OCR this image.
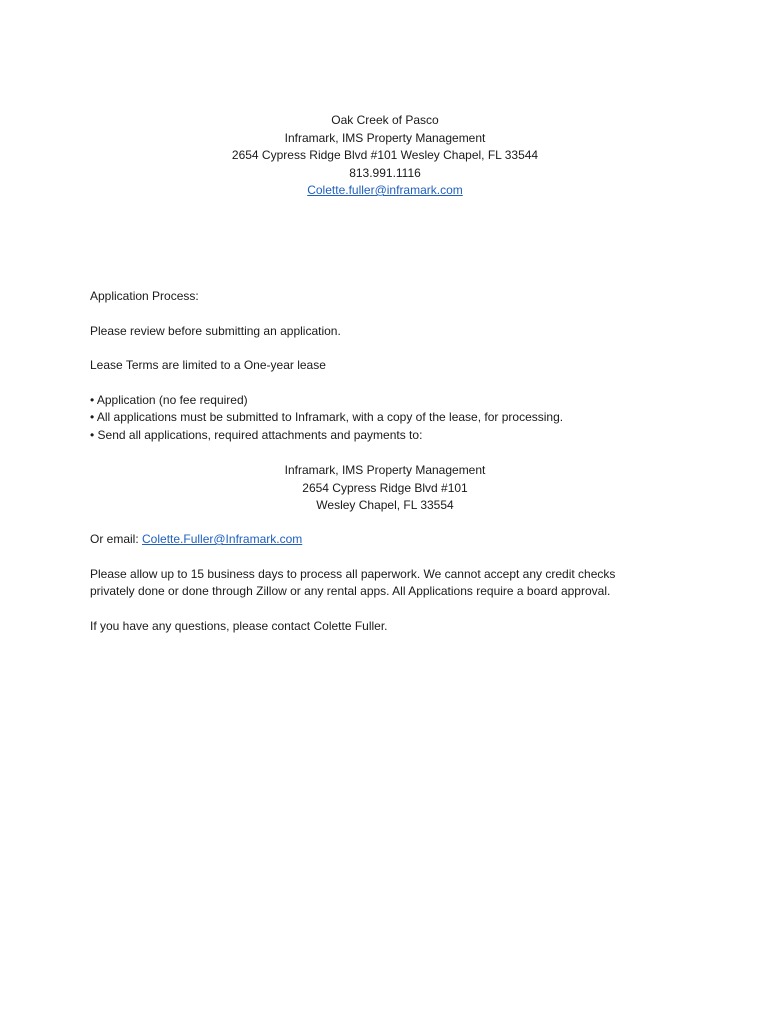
Oak Creek of Pasco
Inframark, IMS Property Management
2654 Cypress Ridge Blvd #101 Wesley Chapel, FL 33544
813.991.1116
Colette.fuller@inframark.com
Application Process:
Please review before submitting an application.
Lease Terms are limited to a One-year lease
• Application (no fee required)
• All applications must be submitted to Inframark, with a copy of the lease, for processing.
• Send all applications, required attachments and payments to:
Inframark, IMS Property Management
2654 Cypress Ridge Blvd #101
Wesley Chapel, FL 33554
Or email: Colette.Fuller@Inframark.com
Please allow up to 15 business days to process all paperwork. We cannot accept any credit checks
privately done or done through Zillow or any rental apps. All Applications require a board approval.
If you have any questions, please contact Colette Fuller.
